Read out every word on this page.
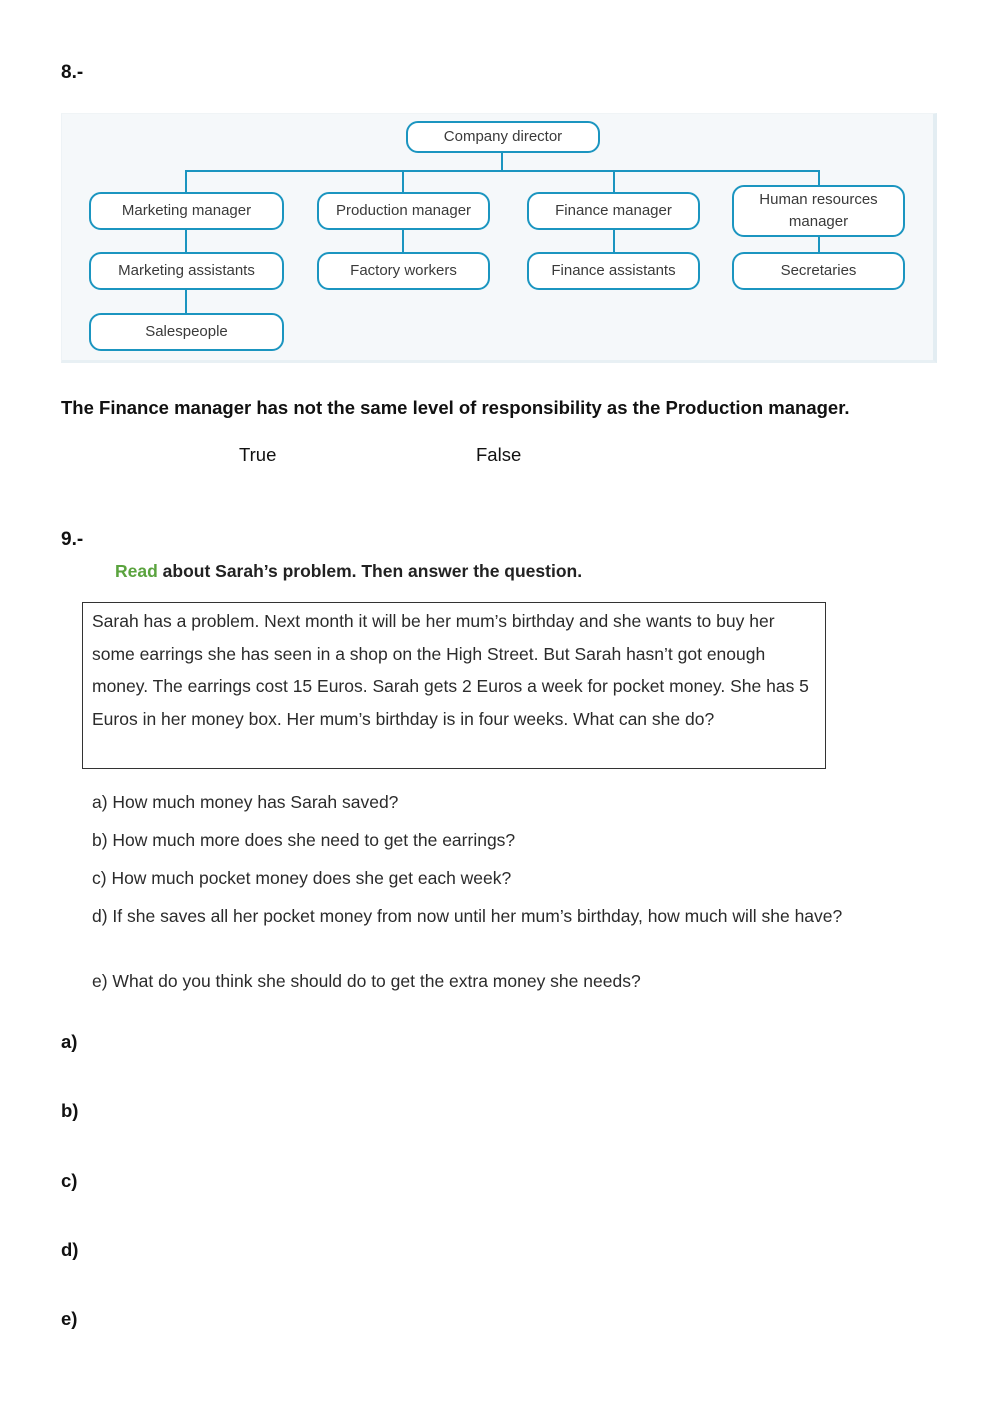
8.-
Company director
Marketing manager	Production manager	Finance manager
Human resources manager
Marketing assistants	Factory workers	Finance assistants	Secretaries
Salespeople
The Finance manager has not the same level of responsibility as the Production manager.
True	False
9.-
Read about Sarah’s problem. Then answer the question.
Sarah has a problem. Next month it will be her mum’s birthday and she wants to buy her some earrings she has seen in a shop on the High Street. But Sarah hasn’t got enough money. The earrings cost 15 Euros. Sarah gets 2 Euros a week for pocket money. She has 5 Euros in her money box. Her mum’s birthday is in four weeks. What can she do?
a) How much money has Sarah saved?
b) How much more does she need to get the earrings?
c) How much pocket money does she get each week?
d) If she saves all her pocket money from now until her mum’s birthday, how much will she have?
e) What do you think she should do to get the extra money she needs?
a)
b)
c)
d)
e)
